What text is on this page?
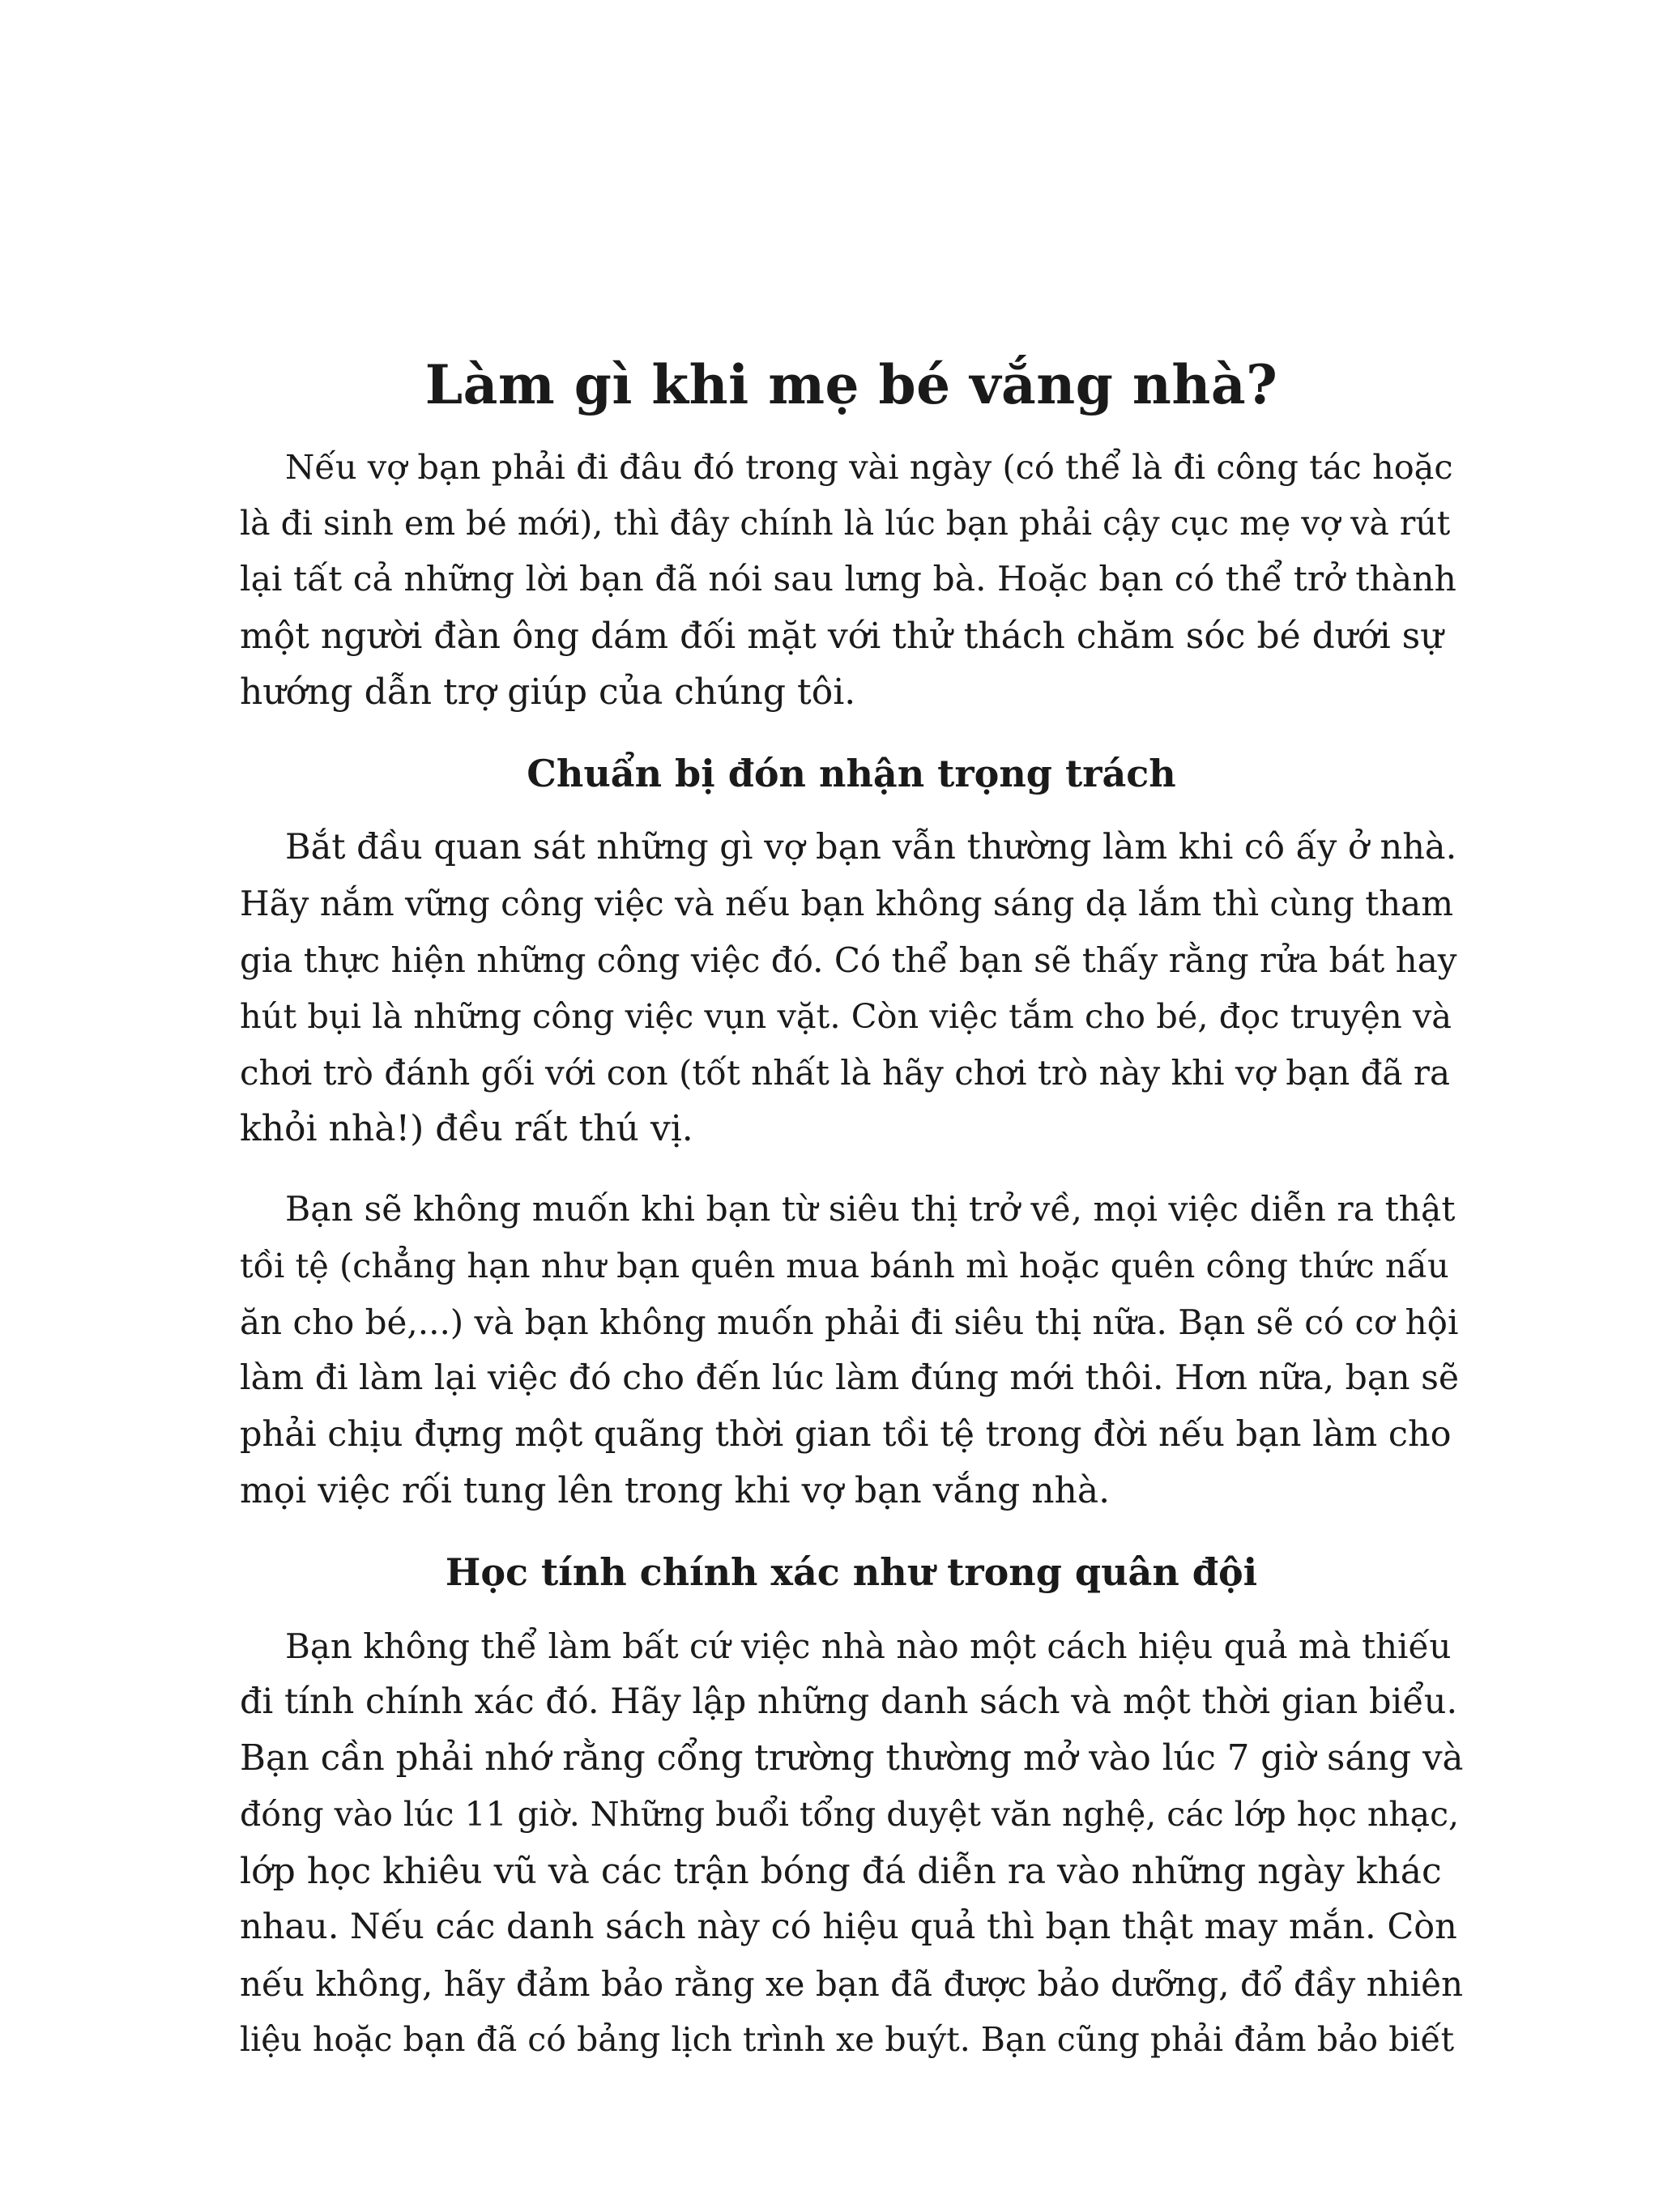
Làm gì khi mẹ bé vắng nhà?
Nếu vợ bạn phải đi đâu đó trong vài ngày (có thể là đi công tác hoặc
là đi sinh em bé mới), thì đây chính là lúc bạn phải cậy cục mẹ vợ và rút
lại tất cả những lời bạn đã nói sau lưng bà. Hoặc bạn có thể trở thành
một người đàn ông dám đối mặt với thử thách chăm sóc bé dưới sự
hướng dẫn trợ giúp của chúng tôi.
Chuẩn bị đón nhận trọng trách
Bắt đầu quan sát những gì vợ bạn vẫn thường làm khi cô ấy ở nhà.
Hãy nắm vững công việc và nếu bạn không sáng dạ lắm thì cùng tham
gia thực hiện những công việc đó. Có thể bạn sẽ thấy rằng rửa bát hay
hút bụi là những công việc vụn vặt. Còn việc tắm cho bé, đọc truyện và
chơi trò đánh gối với con (tốt nhất là hãy chơi trò này khi vợ bạn đã ra
khỏi nhà!) đều rất thú vị.
Bạn sẽ không muốn khi bạn từ siêu thị trở về, mọi việc diễn ra thật
tồi tệ (chẳng hạn như bạn quên mua bánh mì hoặc quên công thức nấu
ăn cho bé,...) và bạn không muốn phải đi siêu thị nữa. Bạn sẽ có cơ hội
làm đi làm lại việc đó cho đến lúc làm đúng mới thôi. Hơn nữa, bạn sẽ
phải chịu đựng một quãng thời gian tồi tệ trong đời nếu bạn làm cho
mọi việc rối tung lên trong khi vợ bạn vắng nhà.
Học tính chính xác như trong quân đội
Bạn không thể làm bất cứ việc nhà nào một cách hiệu quả mà thiếu
đi tính chính xác đó. Hãy lập những danh sách và một thời gian biểu.
Bạn cần phải nhớ rằng cổng trường thường mở vào lúc 7 giờ sáng và
đóng vào lúc 11 giờ. Những buổi tổng duyệt văn nghệ, các lớp học nhạc,
lớp học khiêu vũ và các trận bóng đá diễn ra vào những ngày khác
nhau. Nếu các danh sách này có hiệu quả thì bạn thật may mắn. Còn
nếu không, hãy đảm bảo rằng xe bạn đã được bảo dưỡng, đổ đầy nhiên
liệu hoặc bạn đã có bảng lịch trình xe buýt. Bạn cũng phải đảm bảo biết
